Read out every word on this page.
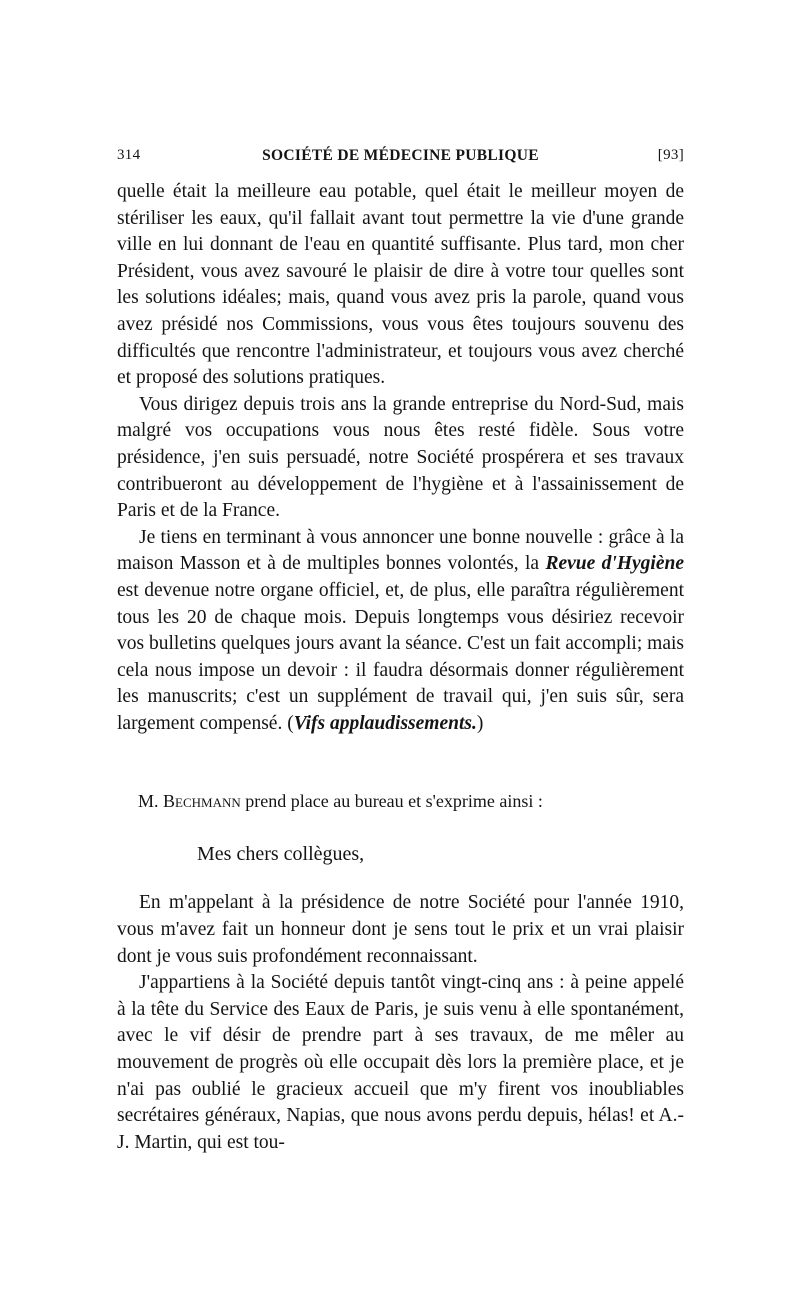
314	SOCIÉTÉ DE MÉDECINE PUBLIQUE	[93]

quelle était la meilleure eau potable, quel était le meilleur moyen de stériliser les eaux, qu'il fallait avant tout permettre la vie d'une grande ville en lui donnant de l'eau en quantité suffisante. Plus tard, mon cher Président, vous avez savouré le plaisir de dire à votre tour quelles sont les solutions idéales; mais, quand vous avez pris la parole, quand vous avez présidé nos Commissions, vous vous êtes toujours souvenu des difficultés que rencontre l'administrateur, et toujours vous avez cherché et proposé des solutions pratiques.

Vous dirigez depuis trois ans la grande entreprise du Nord-Sud, mais malgré vos occupations vous nous êtes resté fidèle. Sous votre présidence, j'en suis persuadé, notre Société prospérera et ses travaux contribueront au développement de l'hygiène et à l'assainissement de Paris et de la France.

Je tiens en terminant à vous annoncer une bonne nouvelle : grâce à la maison Masson et à de multiples bonnes volontés, la Revue d'Hygiène est devenue notre organe officiel, et, de plus, elle paraîtra régulièrement tous les 20 de chaque mois. Depuis longtemps vous désiriez recevoir vos bulletins quelques jours avant la séance. C'est un fait accompli; mais cela nous impose un devoir : il faudra désormais donner régulièrement les manuscrits; c'est un supplément de travail qui, j'en suis sûr, sera largement compensé. (Vifs applaudissements.)

M. Bechmann prend place au bureau et s'exprime ainsi :
Mes chers collègues,

En m'appelant à la présidence de notre Société pour l'année 1910, vous m'avez fait un honneur dont je sens tout le prix et un vrai plaisir dont je vous suis profondément reconnaissant.

J'appartiens à la Société depuis tantôt vingt-cinq ans : à peine appelé à la tête du Service des Eaux de Paris, je suis venu à elle spontanément, avec le vif désir de prendre part à ses travaux, de me mêler au mouvement de progrès où elle occupait dès lors la première place, et je n'ai pas oublié le gracieux accueil que m'y firent vos inoubliables secrétaires généraux, Napias, que nous avons perdu depuis, hélas! et A.-J. Martin, qui est tou-
